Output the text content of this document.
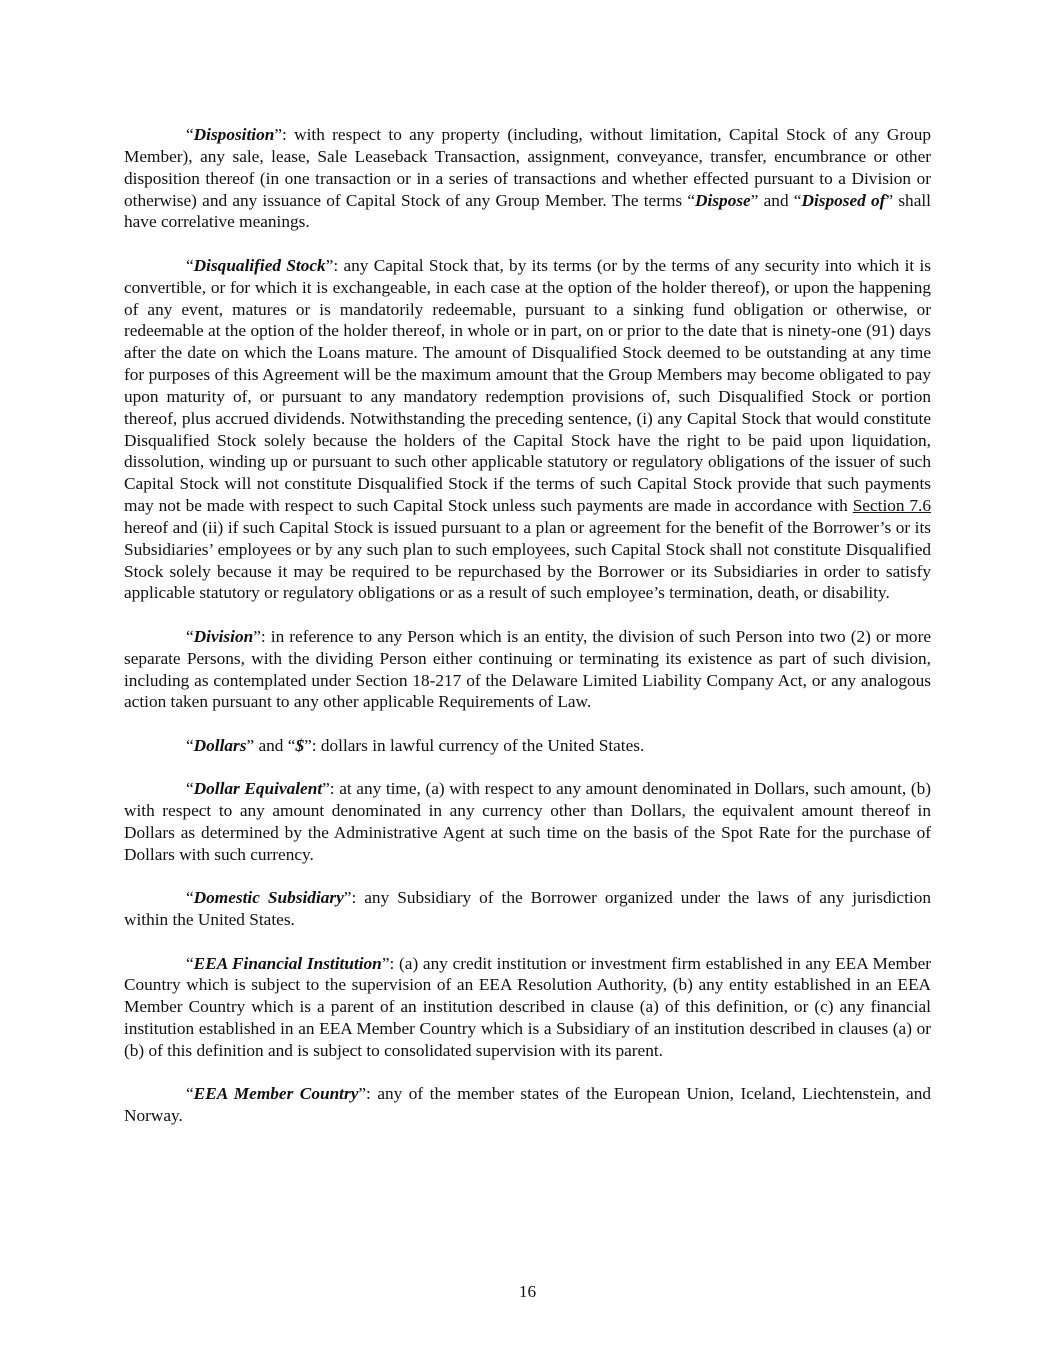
“Disposition”: with respect to any property (including, without limitation, Capital Stock of any Group Member), any sale, lease, Sale Leaseback Transaction, assignment, conveyance, transfer, encumbrance or other disposition thereof (in one transaction or in a series of transactions and whether effected pursuant to a Division or otherwise) and any issuance of Capital Stock of any Group Member. The terms “Dispose” and “Disposed of” shall have correlative meanings.

“Disqualified Stock”: any Capital Stock that, by its terms (or by the terms of any security into which it is convertible, or for which it is exchangeable, in each case at the option of the holder thereof), or upon the happening of any event, matures or is mandatorily redeemable, pursuant to a sinking fund obligation or otherwise, or redeemable at the option of the holder thereof, in whole or in part, on or prior to the date that is ninety-one (91) days after the date on which the Loans mature. The amount of Disqualified Stock deemed to be outstanding at any time for purposes of this Agreement will be the maximum amount that the Group Members may become obligated to pay upon maturity of, or pursuant to any mandatory redemption provisions of, such Disqualified Stock or portion thereof, plus accrued dividends. Notwithstanding the preceding sentence, (i) any Capital Stock that would constitute Disqualified Stock solely because the holders of the Capital Stock have the right to be paid upon liquidation, dissolution, winding up or pursuant to such other applicable statutory or regulatory obligations of the issuer of such Capital Stock will not constitute Disqualified Stock if the terms of such Capital Stock provide that such payments may not be made with respect to such Capital Stock unless such payments are made in accordance with Section 7.6 hereof and (ii) if such Capital Stock is issued pursuant to a plan or agreement for the benefit of the Borrower’s or its Subsidiaries’ employees or by any such plan to such employees, such Capital Stock shall not constitute Disqualified Stock solely because it may be required to be repurchased by the Borrower or its Subsidiaries in order to satisfy applicable statutory or regulatory obligations or as a result of such employee’s termination, death, or disability.

“Division”: in reference to any Person which is an entity, the division of such Person into two (2) or more separate Persons, with the dividing Person either continuing or terminating its existence as part of such division, including as contemplated under Section 18-217 of the Delaware Limited Liability Company Act, or any analogous action taken pursuant to any other applicable Requirements of Law.

“Dollars” and “$”: dollars in lawful currency of the United States.

“Dollar Equivalent”: at any time, (a) with respect to any amount denominated in Dollars, such amount, (b) with respect to any amount denominated in any currency other than Dollars, the equivalent amount thereof in Dollars as determined by the Administrative Agent at such time on the basis of the Spot Rate for the purchase of Dollars with such currency.

“Domestic Subsidiary”: any Subsidiary of the Borrower organized under the laws of any jurisdiction within the United States.

“EEA Financial Institution”: (a) any credit institution or investment firm established in any EEA Member Country which is subject to the supervision of an EEA Resolution Authority, (b) any entity established in an EEA Member Country which is a parent of an institution described in clause (a) of this definition, or (c) any financial institution established in an EEA Member Country which is a Subsidiary of an institution described in clauses (a) or (b) of this definition and is subject to consolidated supervision with its parent.

“EEA Member Country”: any of the member states of the European Union, Iceland, Liechtenstein, and Norway.

16
